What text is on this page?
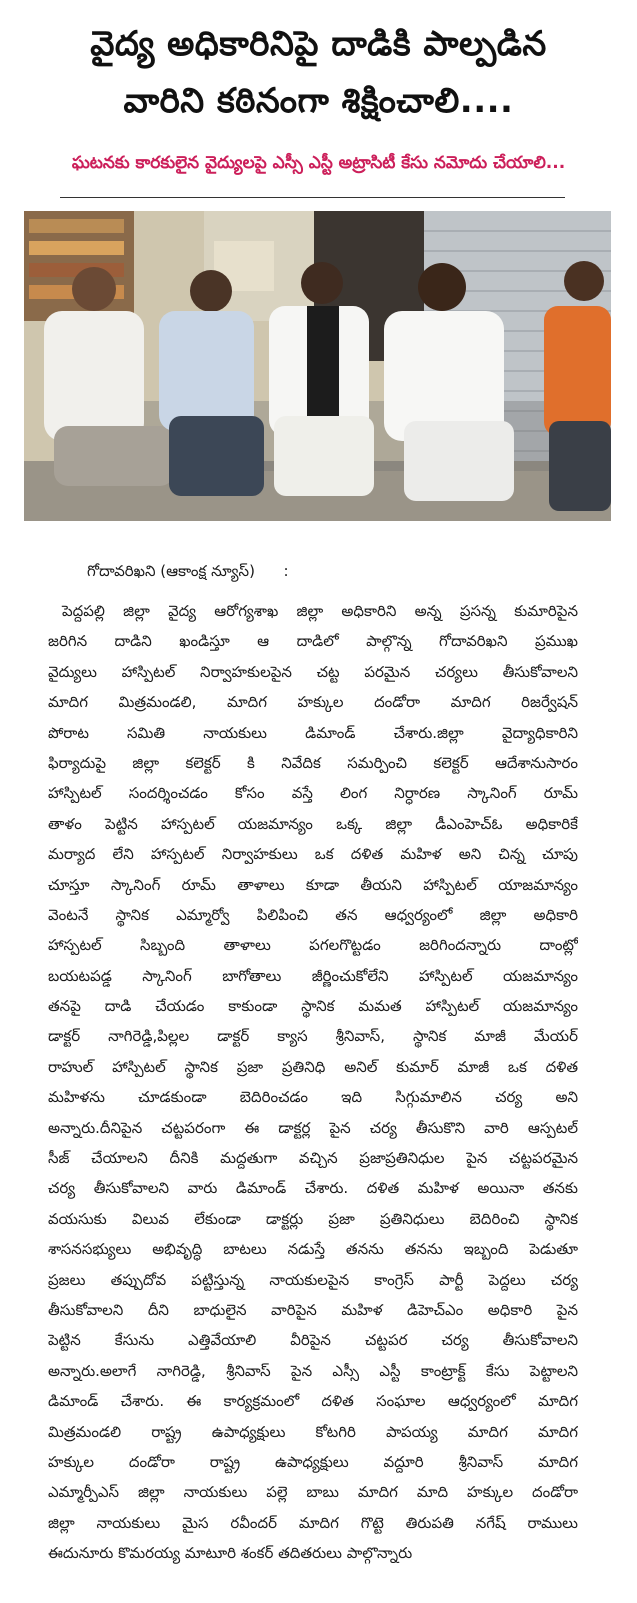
వైద్య అధికారినిపై దాడికి పాల్పడిన
వారిని కఠినంగా శిక్షించాలి....
ఘటనకు కారకులైన వైద్యులపై ఎస్సీ ఎస్టీ అట్రాసిటీ కేసు నమోదు చేయాలి...
గోదావరిఖని (ఆకాంక్ష న్యూస్)      :
పెద్దపల్లి జిల్లా వైద్య ఆరోగ్యశాఖ జిల్లా అధికారిని అన్న ప్రసన్న కుమారిపైన
జరిగిన దాడిని ఖండిస్తూ ఆ దాడిలో పాల్గొన్న గోదావరిఖని ప్రముఖ
వైద్యులు హాస్పిటల్ నిర్వాహకులపైన చట్ట పరమైన చర్యలు తీసుకోవాలని
మాదిగ మిత్రమండలి, మాదిగ హక్కుల దండోరా మాదిగ రిజర్వేషన్
పోరాట సమితి నాయకులు డిమాండ్ చేశారు.జిల్లా వైద్యాధికారిని
ఫిర్యాదుపై జిల్లా కలెక్టర్ కి నివేదిక సమర్పించి కలెక్టర్ ఆదేశానుసారం
హాస్పిటల్ సందర్శించడం కోసం వస్తే లింగ నిర్ధారణ స్కానింగ్ రూమ్
తాళం పెట్టిన హాస్పటల్ యజమాన్యం ఒక్క జిల్లా డీఎంహెచ్ఓ అధికారికే
మర్యాద లేని హాస్పటల్ నిర్వాహకులు ఒక దళిత మహిళ అని చిన్న చూపు
చూస్తూ స్కానింగ్ రూమ్ తాళాలు కూడా తీయని హాస్పిటల్ యాజమాన్యం
వెంటనే స్థానిక ఎమ్మార్వో పిలిపించి తన ఆధ్వర్యంలో జిల్లా అధికారి
హాస్పటల్ సిబ్బంది తాళాలు పగలగొట్టడం జరిగిందన్నారు దాంట్లో
బయటపడ్డ స్కానింగ్ బాగోతాలు జీర్ణించుకోలేని హాస్పిటల్ యజమాన్యం
తనపై దాడి చేయడం కాకుండా స్థానిక మమత హాస్పిటల్ యజమాన్యం
డాక్టర్ నాగిరెడ్డి,పిల్లల డాక్టర్ క్యాస శ్రీనివాస్, స్థానిక మాజీ మేయర్
రాహుల్ హాస్పిటల్ స్థానిక ప్రజా ప్రతినిధి అనిల్ కుమార్ మాజీ ఒక దళిత
మహిళను చూడకుండా బెదిరించడం ఇది సిగ్గుమాలిన చర్య అని
అన్నారు.దీనిపైన చట్టపరంగా ఈ డాక్టర్ల పైన చర్య తీసుకొని వారి ఆస్పటల్
సీజ్ చేయాలని దీనికి మద్దతుగా వచ్చిన ప్రజాప్రతినిధుల పైన చట్టపరమైన
చర్య తీసుకోవాలని వారు డిమాండ్ చేశారు. దళిత మహిళ అయినా తనకు
వయసుకు విలువ లేకుండా డాక్టర్లు ప్రజా ప్రతినిధులు బెదిరించి స్థానిక
శాసనసభ్యులు అభివృద్ధి బాటలు నడుస్తే తనను తనను ఇబ్బంది పెడుతూ
ప్రజలు తప్పుదోవ పట్టిస్తున్న నాయకులపైన కాంగ్రెస్ పార్టీ పెద్దలు చర్య
తీసుకోవాలని దీని బాధులైన వారిపైన మహిళ డిహెచ్ఎం అధికారి పైన
పెట్టిన కేసును ఎత్తివేయాలి వీరిపైన చట్టపర చర్య తీసుకోవాలని
అన్నారు.అలాగే నాగిరెడ్డి, శ్రీనివాస్ పైన ఎస్సీ ఎస్టీ కాంట్రాక్ట్ కేసు పెట్టాలని
డిమాండ్ చేశారు. ఈ కార్యక్రమంలో దళిత సంఘాల ఆధ్వర్యంలో మాదిగ
మిత్రమండలి రాష్ట్ర ఉపాధ్యక్షులు కోటగిరి పాపయ్య మాదిగ మాదిగ
హక్కుల దండోరా రాష్ట్ర ఉపాధ్యక్షులు వద్దూరి శ్రీనివాస్ మాదిగ
ఎమ్మార్పీఎస్ జిల్లా నాయకులు పల్లె బాబు మాదిగ మాది హక్కుల దండోరా
జిల్లా నాయకులు మైస రవీందర్ మాదిగ గొట్టె తిరుపతి నగేష్ రాములు
ఈదునూరు కొమరయ్య మాటూరి శంకర్ తదితరులు పాల్గొన్నారు
